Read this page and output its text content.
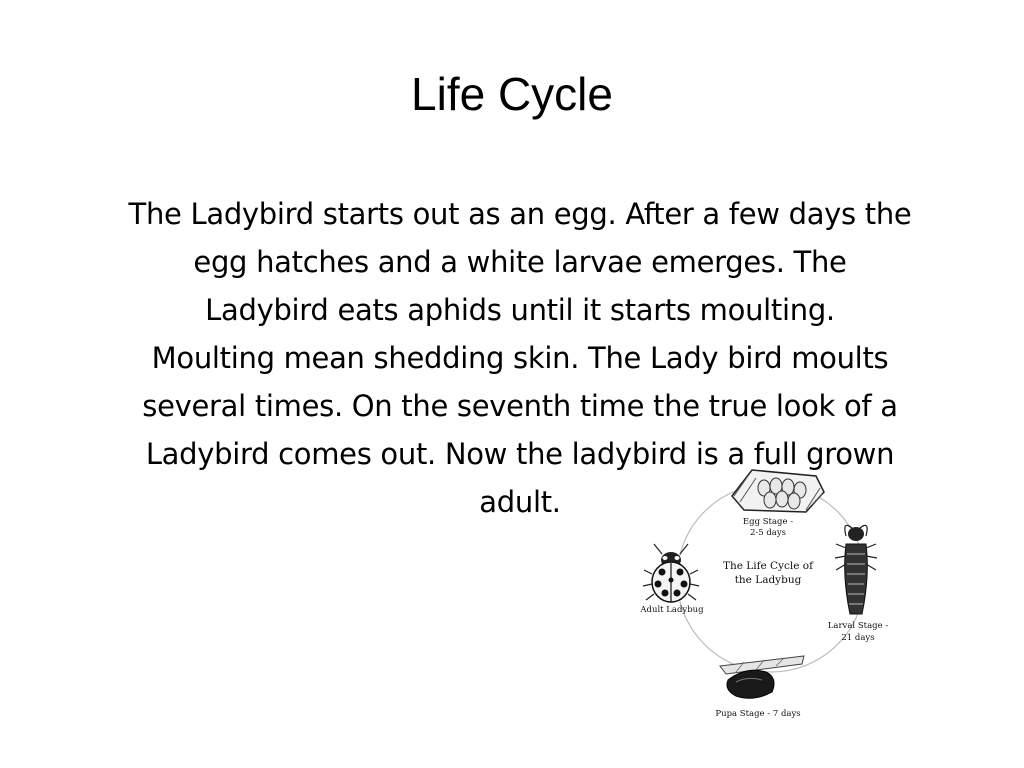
Life Cycle
The Ladybird starts out as an egg. After a few days the
egg hatches and a white larvae emerges. The
Ladybird eats aphids until it starts moulting.
Moulting mean shedding skin. The Lady bird moults
several times. On the seventh time the true look of a
Ladybird comes out. Now the ladybird is a full grown
adult.
Egg Stage -
2-5 days
The Life Cycle of
the Ladybug
Larval Stage -
21 days
Pupa Stage - 7 days
Adult Ladybug
